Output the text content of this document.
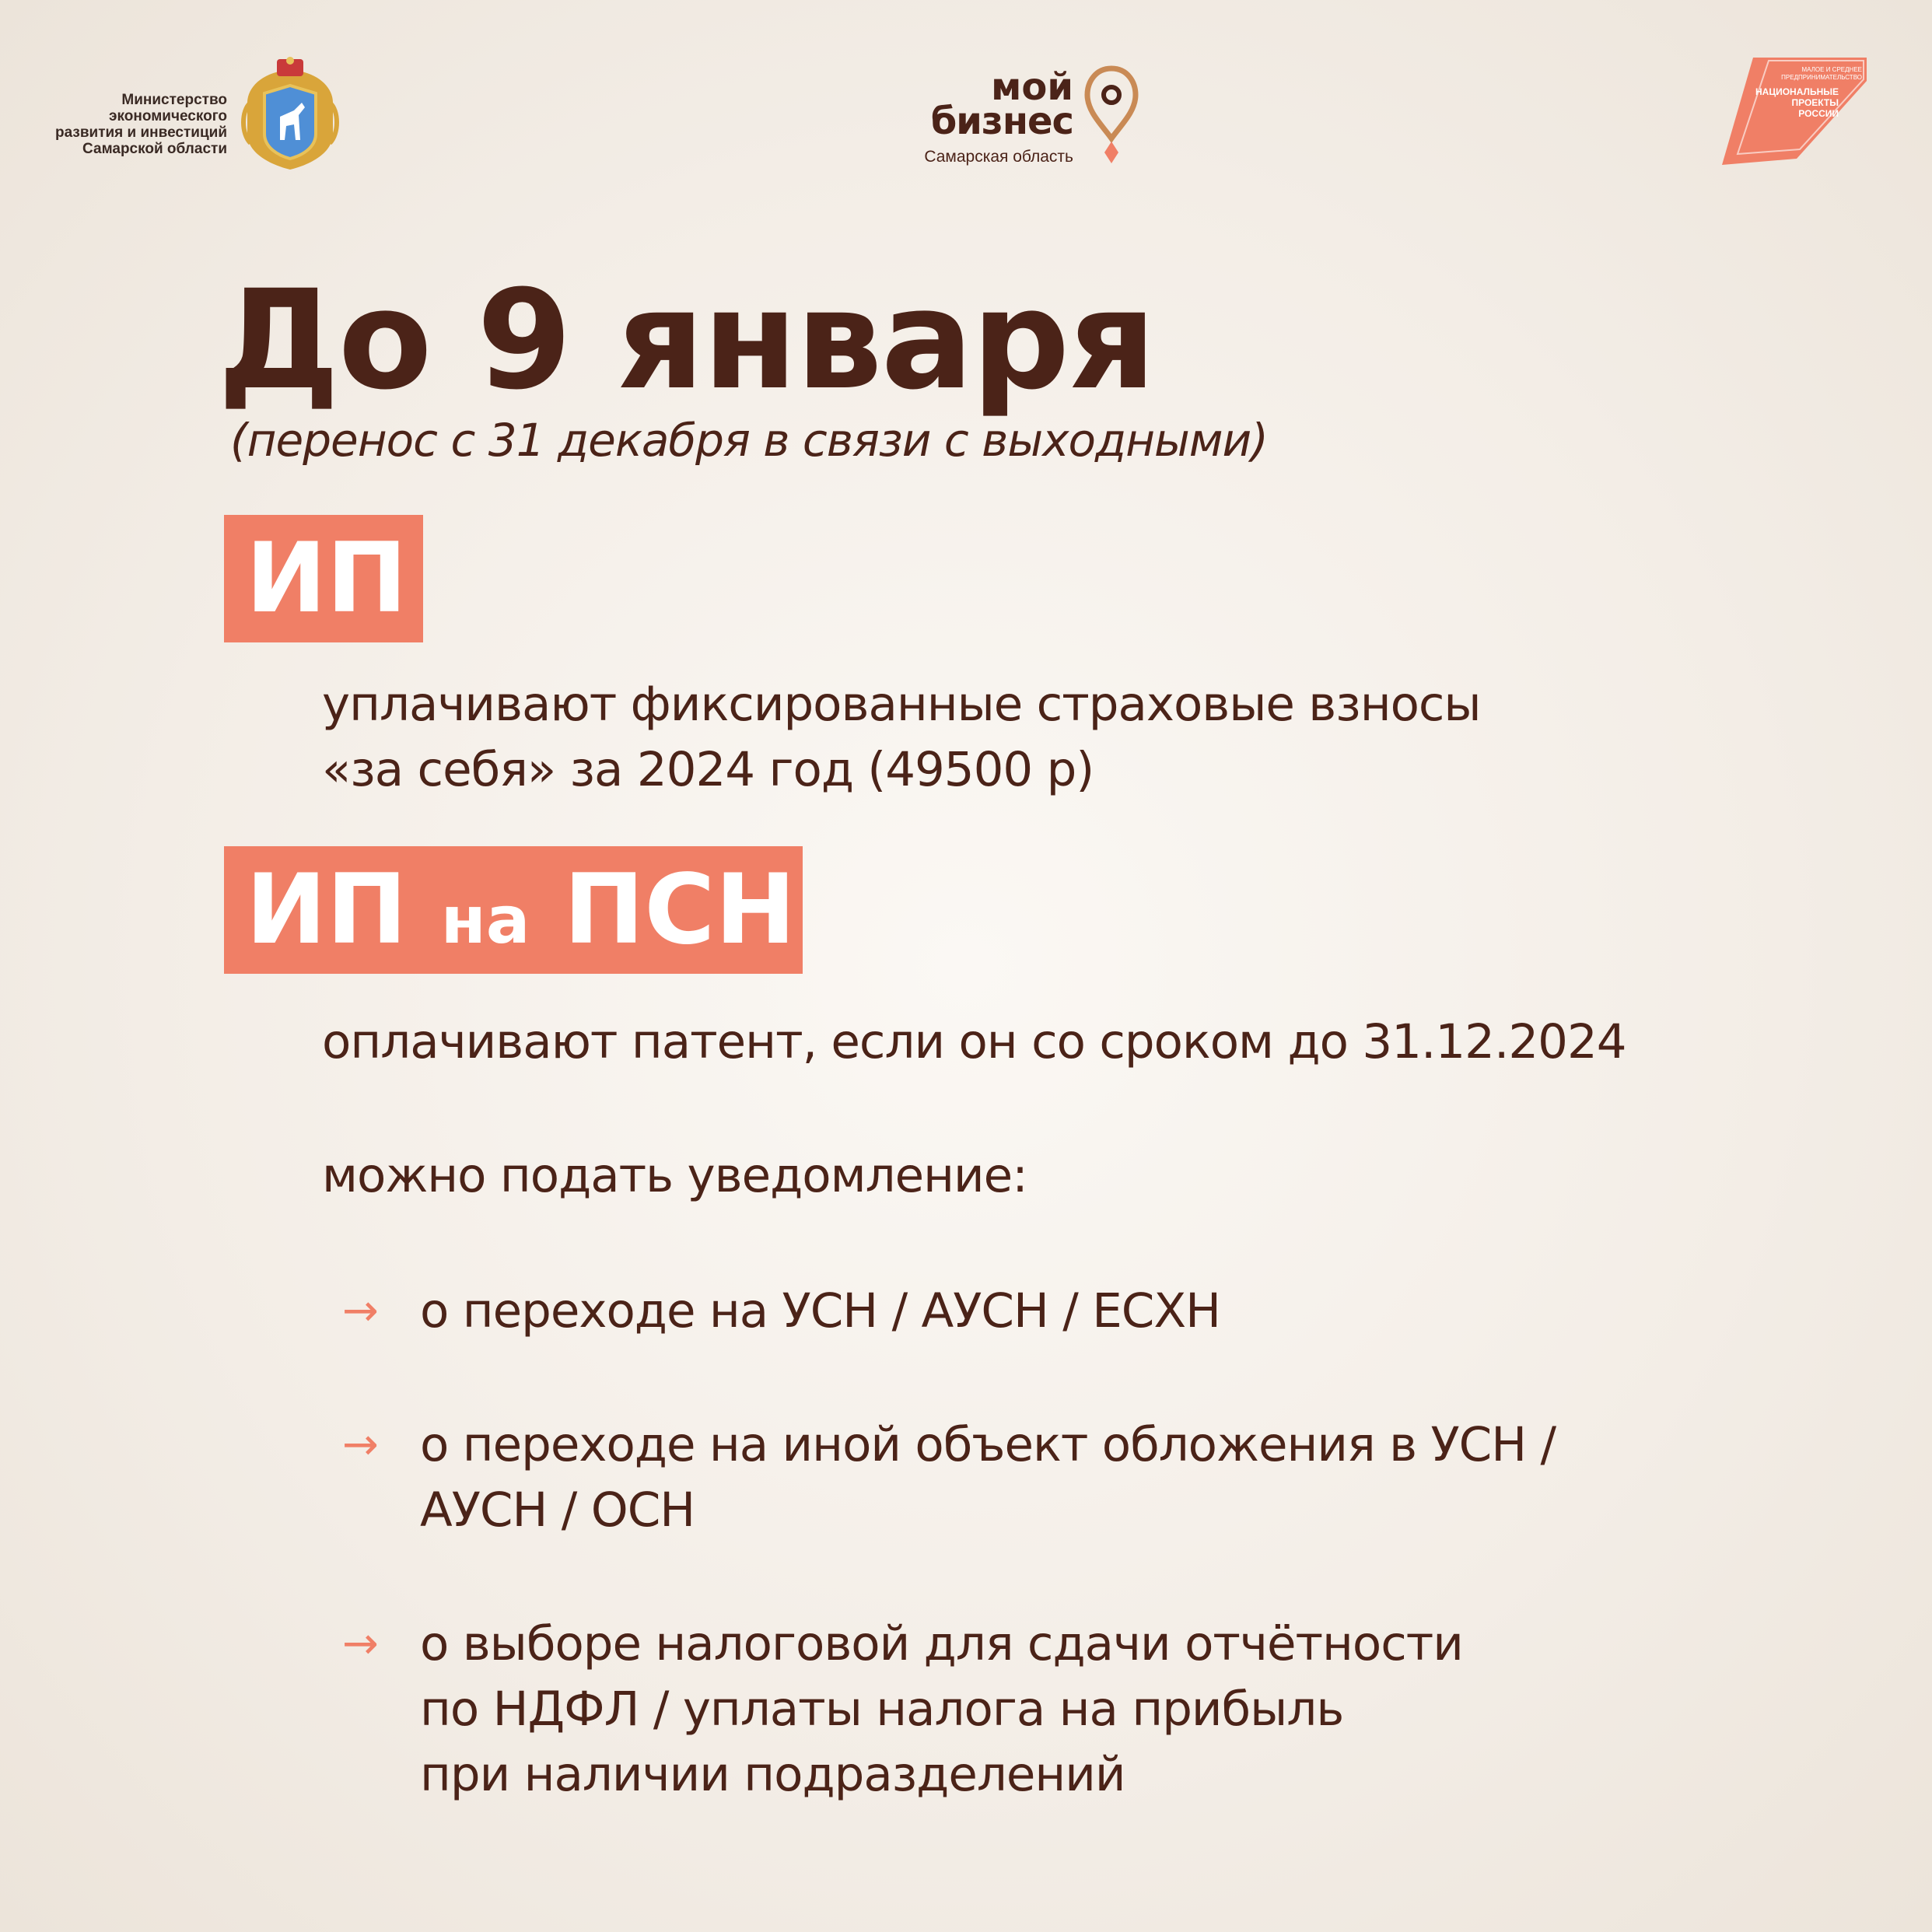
Министерство
экономического
развития и инвестиций
Самарской области
мой
бизнес
Самарская область
МАЛОЕ И СРЕДНЕЕ
ПРЕДПРИНИМАТЕЛЬСТВО
НАЦИОНАЛЬНЫЕ
ПРОЕКТЫ
РОССИИ
До 9 января
(перенос с 31 декабря в связи с выходными)
ИП
уплачивают фиксированные страховые взносы
«за себя» за 2024 год (49500 р)
ИП на ПСН
оплачивают патент, если он со сроком до 31.12.2024
можно подать уведомление:
→ о переходе на УСН / АУСН / ЕСХН
→ о переходе на иной объект обложения в УСН /
АУСН / ОСН
→ о выборе налоговой для сдачи отчётности
по НДФЛ / уплаты налога на прибыль
при наличии подразделений
